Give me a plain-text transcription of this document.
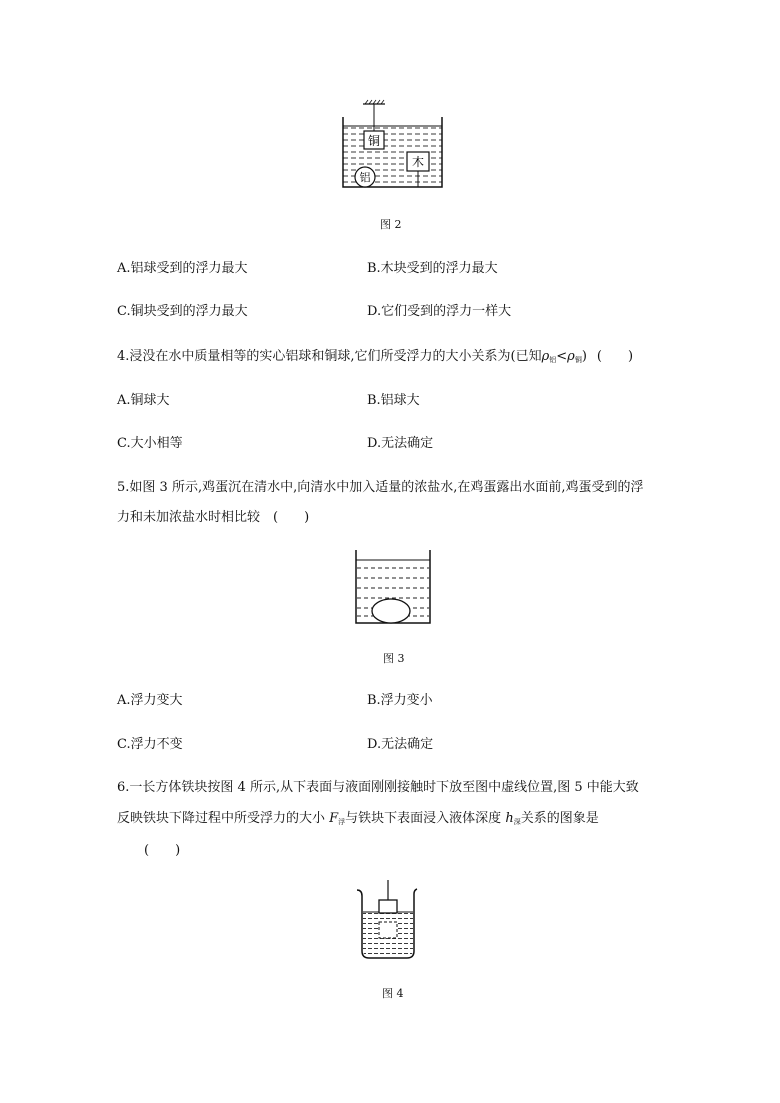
铜
木
铝
图 2
A.铝球受到的浮力最大	B.木块受到的浮力最大
C.铜块受到的浮力最大	D.它们受到的浮力一样大
4.浸没在水中质量相等的实心铝球和铜球,它们所受浮力的大小关系为(已知$\rho_铝<\rho_铜$) (　　)
A.铜球大	B.铝球大
C.大小相等	D.无法确定
5.如图 3 所示,鸡蛋沉在清水中,向清水中加入适量的浓盐水,在鸡蛋露出水面前,鸡蛋受到的浮
力和未加浓盐水时相比较　(　　)
图 3
A.浮力变大	B.浮力变小
C.浮力不变	D.无法确定
6.一长方体铁块按图 4 所示,从下表面与液面刚刚接触时下放至图中虚线位置,图 5 中能大致
反映铁块下降过程中所受浮力的大小 $F_浮$与铁块下表面浸入液体深度 $h_深$关系的图象是
(　　)
图 4
